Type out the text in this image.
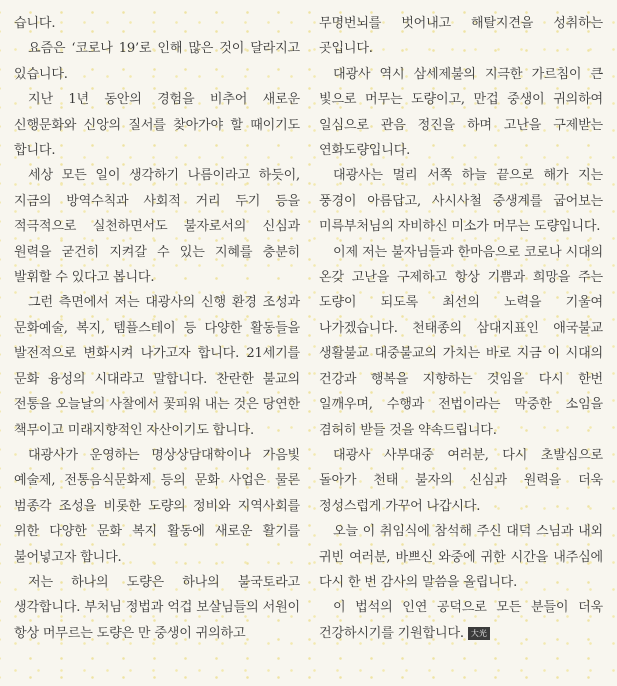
습니다.

요즘은 ‘코로나 19’로 인해 많은 것이 달라지고 있습니다.

지난 1년 동안의 경험을 비추어 새로운 신행문화와 신앙의 질서를 찾아가야 할 때이기도 합니다.

세상 모든 일이 생각하기 나름이라고 하듯이, 지금의 방역수칙과 사회적 거리 두기 등을 적극적으로 실천하면서도 불자로서의 신심과 원력을 굳건히 지켜갈 수 있는 지혜를 충분히 발휘할 수 있다고 봅니다.

그런 측면에서 저는 대광사의 신행 환경 조성과 문화예술, 복지, 템플스테이 등 다양한 활동들을 발전적으로 변화시켜 나가고자 합니다. 21세기를 문화 융성의 시대라고 말합니다. 찬란한 불교의 전통을 오늘날의 사찰에서 꽃피워 내는 것은 당연한 책무이고 미래지향적인 자산이기도 합니다.

대광사가 운영하는 명상상담대학이나 가음빛 예술제, 전통음식문화제 등의 문화 사업은 물론 범종각 조성을 비롯한 도량의 정비와 지역사회를 위한 다양한 문화 복지 활동에 새로운 활기를 불어넣고자 합니다.

저는 하나의 도량은 하나의 불국토라고 생각합니다. 부처님 정법과 억겁 보살님들의 서원이 항상 머무르는 도량은 만 중생이 귀의하고

무명번뇌를 벗어내고 해탈지견을 성취하는 곳입니다.

대광사 역시 삼세제불의 지극한 가르침이 큰 빛으로 머무는 도량이고, 만겁 중생이 귀의하여 일심으로 관음 정진을 하며 고난을 구제받는 연화도량입니다.

대광사는 멀리 서쪽 하늘 끝으로 해가 지는 풍경이 아름답고, 사시사철 중생계를 굽어보는 미륵부처님의 자비하신 미소가 머무는 도량입니다.

이제 저는 불자님들과 한마음으로 코로나 시대의 온갖 고난을 구제하고 항상 기쁨과 희망을 주는 도량이 되도록 최선의 노력을 기울여 나가겠습니다. 천태종의 삼대지표인 애국불교 생활불교 대중불교의 가치는 바로 지금 이 시대의 건강과 행복을 지향하는 것임을 다시 한번 일깨우며, 수행과 전법이라는 막중한 소임을 겸허히 받들 것을 약속드립니다.

대광사 사부대중 여러분, 다시 초발심으로 돌아가 천태 불자의 신심과 원력을 더욱 정성스럽게 가꾸어 나갑시다.

오늘 이 취임식에 참석해 주신 대덕 스님과 내외 귀빈 여러분, 바쁘신 와중에 귀한 시간을 내주심에 다시 한 번 감사의 말씀을 올립니다.

이 법석의 인연 공덕으로 모든 분들이 더욱 건강하시기를 기원합니다. 大光
